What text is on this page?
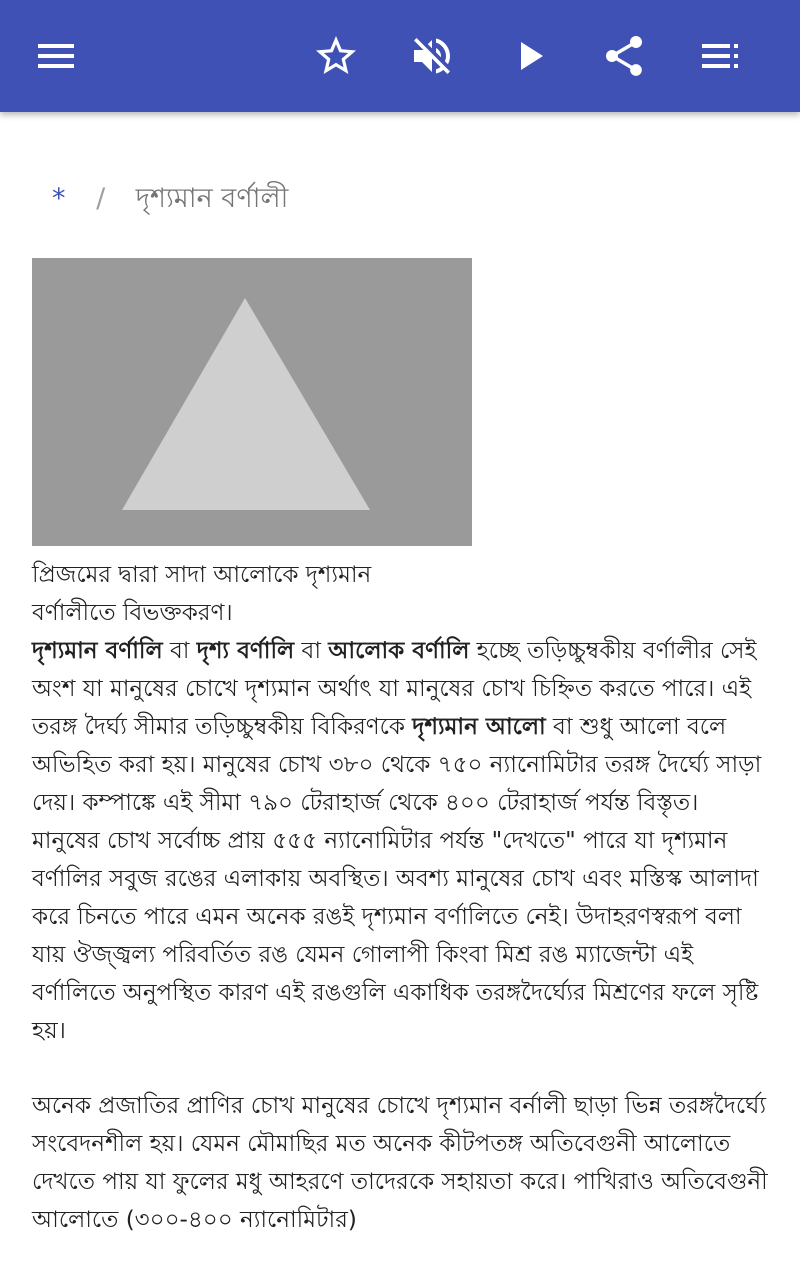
* / দৃশ্যমান বর্ণালী
প্রিজমের দ্বারা সাদা আলোকে দৃশ্যমান বর্ণালীতে বিভক্তকরণ।

দৃশ্যমান বর্ণালি বা দৃশ্য বর্ণালি বা আলোক বর্ণালি হচ্ছে তড়িচ্চুম্বকীয় বর্ণালীর সেই অংশ যা মানুষের চোখে দৃশ্যমান অর্থাৎ যা মানুষের চোখ চিহ্নিত করতে পারে। এই তরঙ্গ দৈর্ঘ্য সীমার তড়িচ্চুম্বকীয় বিকিরণকে দৃশ্যমান আলো বা শুধু আলো বলে অভিহিত করা হয়। মানুষের চোখ ৩৮০ থেকে ৭৫০ ন্যানোমিটার তরঙ্গ দৈর্ঘ্যে সাড়া দেয়। কম্পাঙ্কে এই সীমা ৭৯০ টেরাহার্জ থেকে ৪০০ টেরাহার্জ পর্যন্ত বিস্তৃত। মানুষের চোখ সর্বোচ্চ প্রায় ৫৫৫ ন্যানোমিটার পর্যন্ত "দেখতে" পারে যা দৃশ্যমান বর্ণালির সবুজ রঙের এলাকায় অবস্থিত। অবশ্য মানুষের চোখ এবং মস্তিস্ক আলাদা করে চিনতে পারে এমন অনেক রঙই দৃশ্যমান বর্ণালিতে নেই। উদাহরণস্বরূপ বলা যায় ঔজ্জ্বল্য পরিবর্তিত রঙ যেমন গোলাপী কিংবা মিশ্র রঙ ম্যাজেন্টা এই বর্ণালিতে অনুপস্থিত কারণ এই রঙগুলি একাধিক তরঙ্গদৈর্ঘ্যের মিশ্রণের ফলে সৃষ্টি হয়।

অনেক প্রজাতির প্রাণির চোখ মানুষের চোখে দৃশ্যমান বর্নালী ছাড়া ভিন্ন তরঙ্গদৈর্ঘ্যে সংবেদনশীল হয়। যেমন মৌমাছির মত অনেক কীটপতঙ্গ অতিবেগুনী আলোতে দেখতে পায় যা ফুলের মধু আহরণে তাদেরকে সহায়তা করে। পাখিরাও অতিবেগুনী আলোতে (৩০০-৪০০ ন্যানোমিটার)
